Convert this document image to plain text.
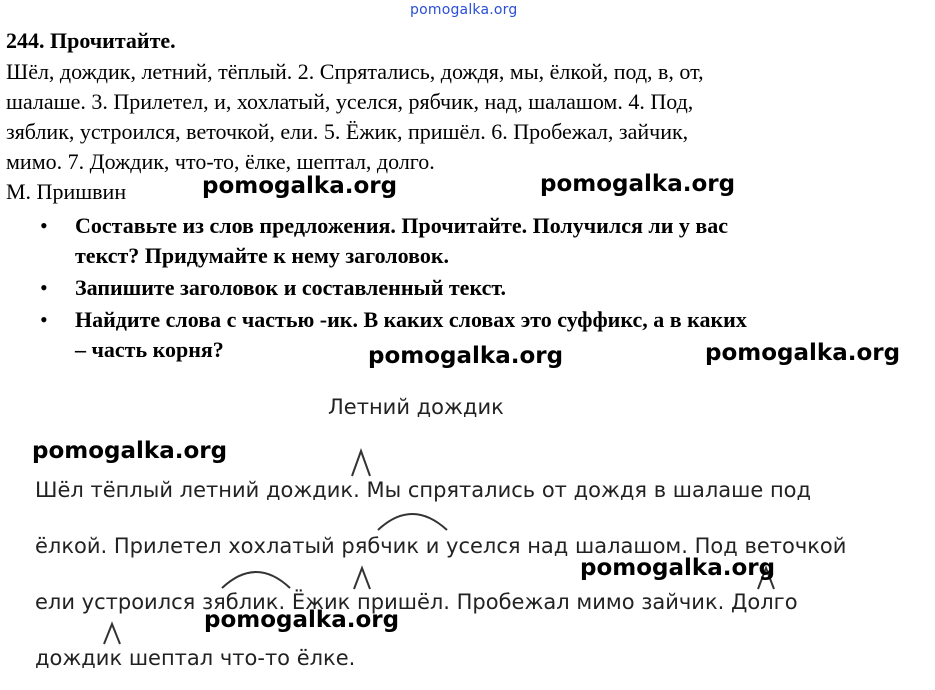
pomogalka.org
244. Прочитайте.
Шёл, дождик, летний, тёплый. 2. Спрятались, дождя, мы, ёлкой, под, в, от,
шалаше. 3. Прилетел, и, хохлатый, уселся, рябчик, над, шалашом. 4. Под,
зяблик, устроился, веточкой, ели. 5. Ёжик, пришёл. 6. Пробежал, зайчик,
мимо. 7. Дождик, что-то, ёлке, шептал, долго.
М. Пришвин
• Составьте из слов предложения. Прочитайте. Получился ли у вас
текст? Придумайте к нему заголовок.
• Запишите заголовок и составленный текст.
• Найдите слова с частью -ик. В каких словах это суффикс, а в каких
– часть корня?
Летний дождик
Шёл тёплый летний дождик. Мы спрятались от дождя в шалаше под
ёлкой. Прилетел хохлатый рябчик и уселся над шалашом. Под веточкой
ели устроился зяблик. Ёжик пришёл. Пробежал мимо зайчик. Долго
дождик шептал что-то ёлке.
pomogalka.org	pomogalka.org
pomogalka.org	pomogalka.org
pomogalka.org
pomogalka.org
pomogalka.org
